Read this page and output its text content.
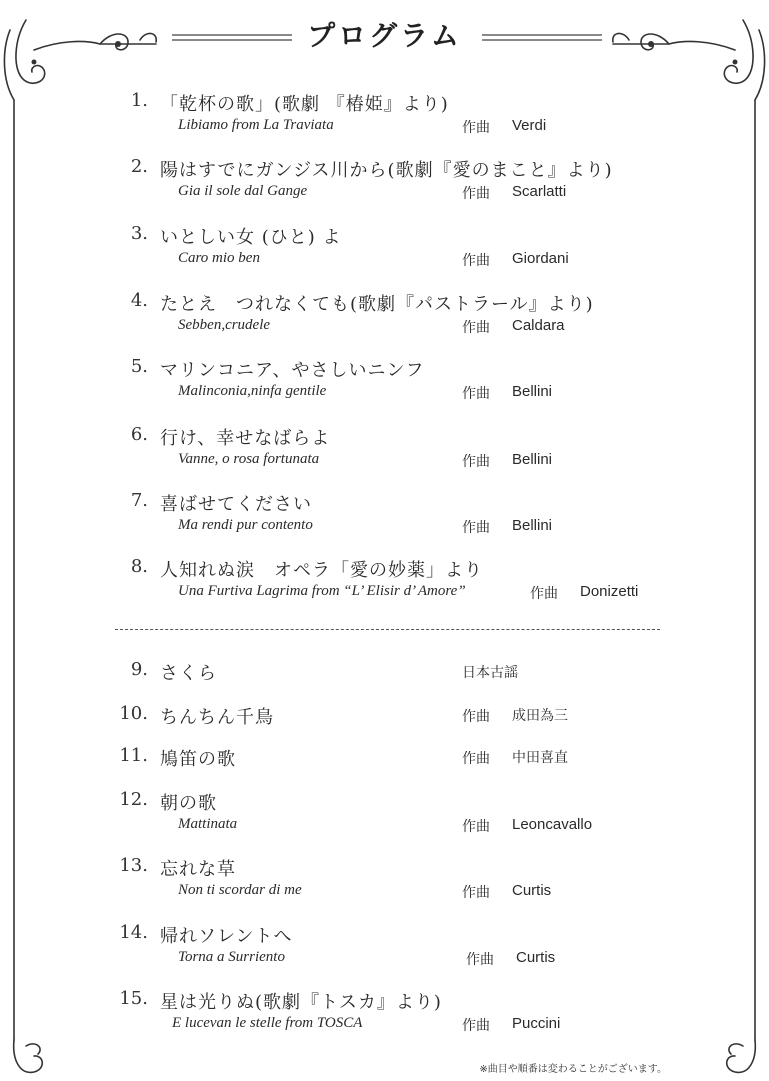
プログラム
1. 「乾杯の歌」(歌劇 『椿姫』より)
Libiamo from La Traviata	作曲 Verdi
2. 陽はすでにガンジス川から(歌劇『愛のまこと』より)
Gia il sole dal Gange	作曲 Scarlatti
3. いとしい女 (ひと) よ
Caro mio ben	作曲 Giordani
4. たとえ　つれなくても(歌劇『パストラール』より)
Sebben,crudele	作曲 Caldara
5. マリンコニア、やさしいニンフ
Malinconia,ninfa gentile	作曲 Bellini
6. 行け、幸せなばらよ
Vanne, o rosa fortunata	作曲 Bellini
7. 喜ばせてください
Ma rendi pur contento	作曲 Bellini
8. 人知れぬ涙　オペラ「愛の妙薬」より
Una Furtiva Lagrima from “L’ Elisir d’ Amore”	作曲 Donizetti
9. さくら	日本古謡
10. ちんちん千鳥	作曲 成田為三
11. 鳩笛の歌	作曲 中田喜直
12. 朝の歌
Mattinata	作曲 Leoncavallo
13. 忘れな草
Non ti scordar di me	作曲 Curtis
14. 帰れソレントへ
Torna a Surriento	作曲 Curtis
15. 星は光りぬ(歌劇『トスカ』より)
E lucevan le stelle from TOSCA	作曲 Puccini
※曲目や順番は変わることがございます。
